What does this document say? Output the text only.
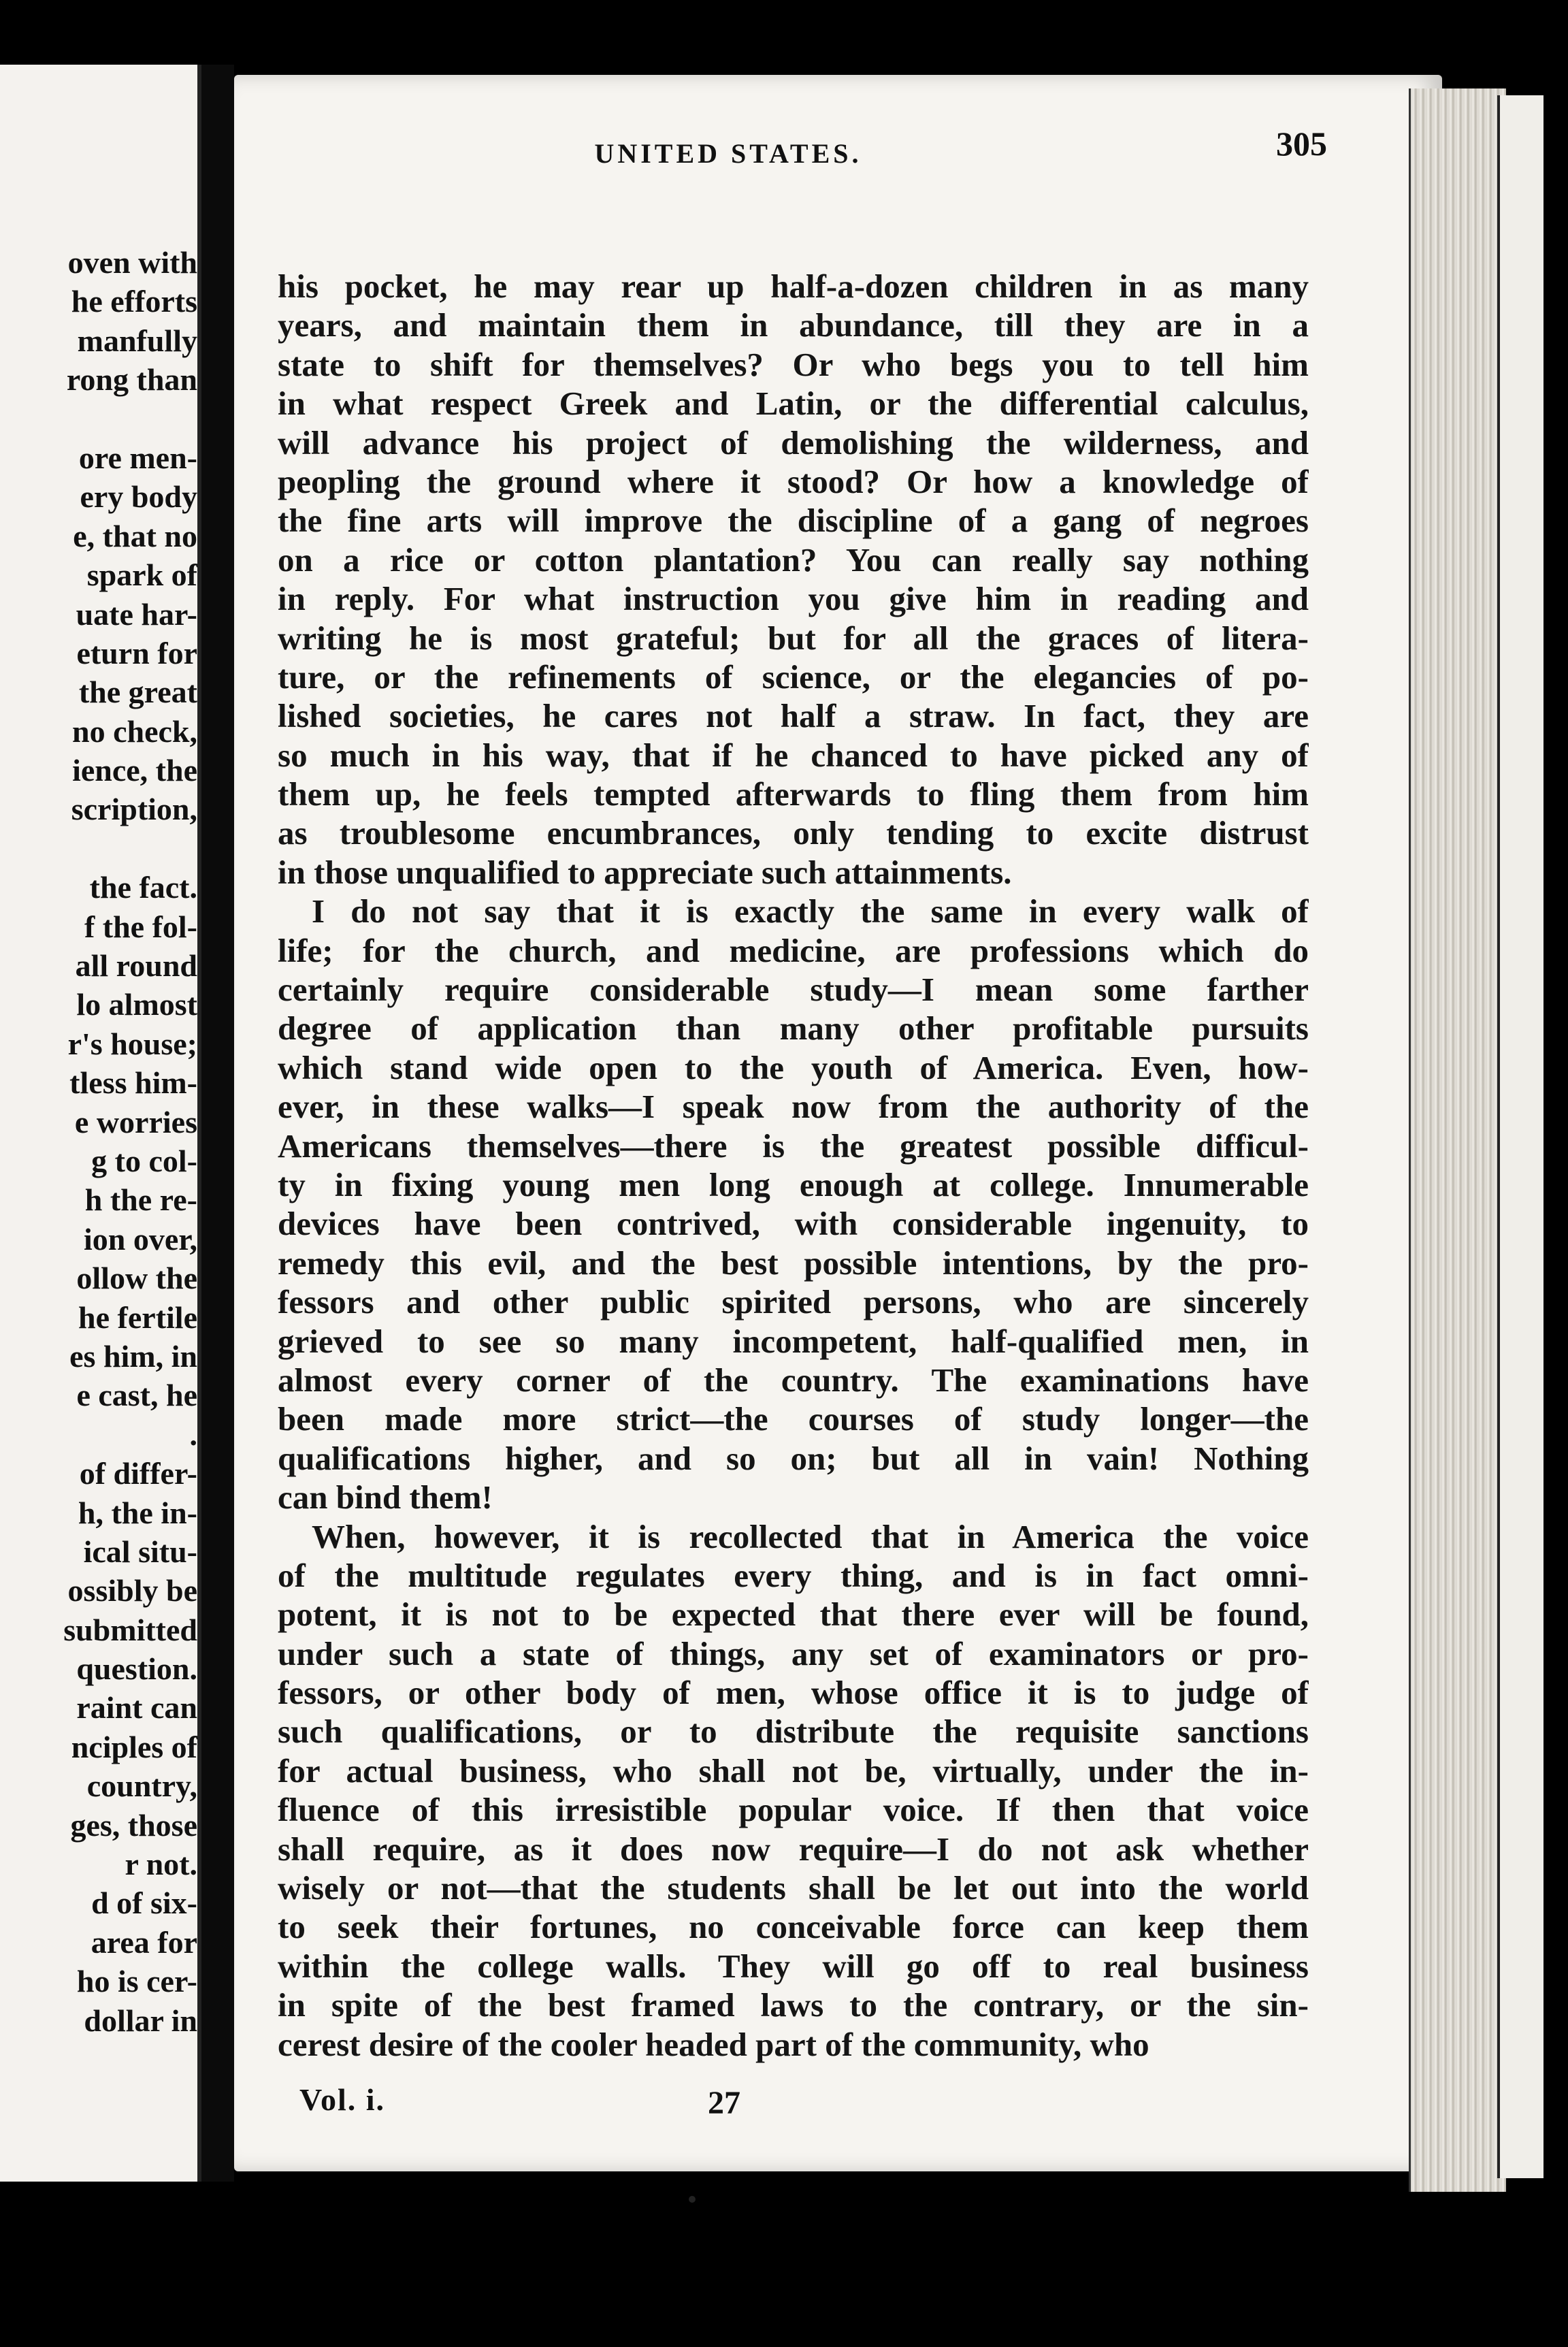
oven with
he efforts
manfully
rong than
ore men-
ery body
e, that no
spark of
uate har-
eturn for
the great
no check,
ience, the
scription,
the fact.
f the fol-
all round
lo almost
r's house;
tless him-
e worries
g to col-
h the re-
ion over,
ollow the
he fertile
es him, in
e cast, he
.
of differ-
h, the in-
ical situ-
ossibly be
submitted
question.
raint can
nciples of
country,
ges, those
r not.
d of six-
area for
ho is cer-
dollar in
UNITED STATES.	305
his pocket, he may rear up half-a-dozen children in as many
years, and maintain them in abundance, till they are in a
state to shift for themselves? Or who begs you to tell him
in what respect Greek and Latin, or the differential calculus,
will advance his project of demolishing the wilderness, and
peopling the ground where it stood? Or how a knowledge of
the fine arts will improve the discipline of a gang of negroes
on a rice or cotton plantation? You can really say nothing
in reply. For what instruction you give him in reading and
writing he is most grateful; but for all the graces of litera-
ture, or the refinements of science, or the elegancies of po-
lished societies, he cares not half a straw. In fact, they are
so much in his way, that if he chanced to have picked any of
them up, he feels tempted afterwards to fling them from him
as troublesome encumbrances, only tending to excite distrust
in those unqualified to appreciate such attainments.
I do not say that it is exactly the same in every walk of
life; for the church, and medicine, are professions which do
certainly require considerable study—I mean some farther
degree of application than many other profitable pursuits
which stand wide open to the youth of America. Even, how-
ever, in these walks—I speak now from the authority of the
Americans themselves—there is the greatest possible difficul-
ty in fixing young men long enough at college. Innumerable
devices have been contrived, with considerable ingenuity, to
remedy this evil, and the best possible intentions, by the pro-
fessors and other public spirited persons, who are sincerely
grieved to see so many incompetent, half-qualified men, in
almost every corner of the country. The examinations have
been made more strict—the courses of study longer—the
qualifications higher, and so on; but all in vain! Nothing
can bind them!
When, however, it is recollected that in America the voice
of the multitude regulates every thing, and is in fact omni-
potent, it is not to be expected that there ever will be found,
under such a state of things, any set of examinators or pro-
fessors, or other body of men, whose office it is to judge of
such qualifications, or to distribute the requisite sanctions
for actual business, who shall not be, virtually, under the in-
fluence of this irresistible popular voice. If then that voice
shall require, as it does now require—I do not ask whether
wisely or not—that the students shall be let out into the world
to seek their fortunes, no conceivable force can keep them
within the college walls. They will go off to real business
in spite of the best framed laws to the contrary, or the sin-
cerest desire of the cooler headed part of the community, who
Vol. i.	27
